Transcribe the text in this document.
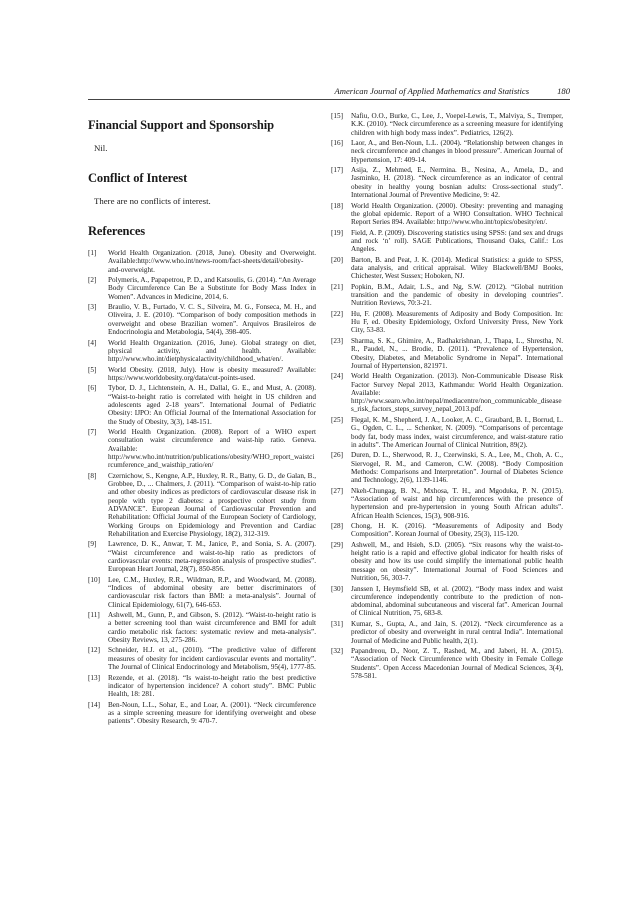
American Journal of Applied Mathematics and Statistics	180
Financial Support and Sponsorship

Nil.

Conflict of Interest

There are no conflicts of interest.

References
[1]	World Health Organization. (2018, June). Obesity and Overweight. Available:http://www.who.int/news-room/fact-sheets/detail/obesity-and-overweight.
[2]	Polymeris, A., Papapetrou, P. D., and Katsoulis, G. (2014). “An Average Body Circumference Can Be a Substitute for Body Mass Index in Women”. Advances in Medicine, 2014, 6.
[3]	Braulio, V. B., Furtado, V. C. S., Silveira, M. G., Fonseca, M. H., and Oliveira, J. E. (2010). “Comparison of body composition methods in overweight and obese Brazilian women”. Arquivos Brasileiros de Endocrinologia and Metabologia, 54(4), 398-405.
[4]	World Health Organization. (2016, June). Global strategy on diet, physical activity, and health. Available: http://www.who.int/dietphysicalactivity/childhood_what/en/.
[5]	World Obesity. (2018, July). How is obesity measured? Available: https://www.worldobesity.org/data/cut-points-used.
[6]	Tybor, D. J., Lichtenstein, A. H., Dallal, G. E., and Must, A. (2008). “Waist-to-height ratio is correlated with height in US children and adolescents aged 2-18 years”. International Journal of Pediatric Obesity: IJPO: An Official Journal of the International Association for the Study of Obesity, 3(3), 148-151.
[7]	World Health Organization. (2008). Report of a WHO expert consultation waist circumference and waist-hip ratio. Geneva. Available: http://www.who.int/nutrition/publications/obesity/WHO_report_waistcircumference_and_waisthip_ratio/en/
[8]	Czernichow, S., Kengne, A.P., Huxley, R. R., Batty, G. D., de Galan, B., Grobbee, D., ... Chalmers, J. (2011). “Comparison of waist-to-hip ratio and other obesity indices as predictors of cardiovascular disease risk in people with type 2 diabetes: a prospective cohort study from ADVANCE”. European Journal of Cardiovascular Prevention and Rehabilitation: Official Journal of the European Society of Cardiology, Working Groups on Epidemiology and Prevention and Cardiac Rehabilitation and Exercise Physiology, 18(2), 312-319.
[9]	Lawrence, D. K., Anwar, T. M., Janice, P., and Sonia, S. A. (2007). “Waist circumference and waist-to-hip ratio as predictors of cardiovascular events: meta-regression analysis of prospective studies”. European Heart Journal, 28(7), 850-856.
[10]	Lee, C.M., Huxley, R.R., Wildman, R.P., and Woodward, M. (2008). “Indices of abdominal obesity are better discriminators of cardiovascular risk factors than BMI: a meta-analysis”. Journal of Clinical Epidemiology, 61(7), 646-653.
[11]	Ashwell, M., Gunn, P., and Gibson, S. (2012). “Waist-to-height ratio is a better screening tool than waist circumference and BMI for adult cardio metabolic risk factors: systematic review and meta-analysis”. Obesity Reviews, 13, 275-286.
[12]	Schneider, H.J. et al., (2010). “The predictive value of different measures of obesity for incident cardiovascular events and mortality”. The Journal of Clinical Endocrinology and Metabolism, 95(4), 1777-85.
[13]	Rezende, et al. (2018). “Is waist-to-height ratio the best predictive indicator of hypertension incidence? A cohort study”. BMC Public Health, 18: 281.
[14]	Ben-Noun, L.L., Sohar, E., and Loar, A. (2001). “Neck circumference as a simple screening measure for identifying overweight and obese patients”. Obesity Research, 9: 470-7.
[15]	Nafiu, O.O., Burke, C., Lee, J., Voepel-Lewis, T., Malviya, S., Tremper, K.K. (2010). “Neck circumference as a screening measure for identifying children with high body mass index”. Pediatrics, 126(2).
[16]	Laor, A., and Ben-Noun, L.L. (2004). “Relationship between changes in neck circumference and changes in blood pressure”. American Journal of Hypertension, 17: 409-14.
[17]	Asija, Z., Mehmed, E., Nermina. B., Nesina, A., Amela, D., and Jasminko, H. (2018). “Neck circumference as an indicator of central obesity in healthy young bosnian adults: Cross-sectional study”. International Journal of Preventive Medicine, 9: 42.
[18]	World Health Organization. (2000). Obesity: preventing and managing the global epidemic. Report of a WHO Consultation. WHO Technical Report Series 894. Available: http://www.who.int/topics/obesity/en/.
[19]	Field, A. P. (2009). Discovering statistics using SPSS: (and sex and drugs and rock ‘n’ roll). SAGE Publications, Thousand Oaks, Calif.: Los Angeles.
[20]	Barton, B. and Peat, J. K. (2014). Medical Statistics: a guide to SPSS, data analysis, and critical appraisal. Wiley Blackwell/BMJ Books, Chichester, West Sussex; Hoboken, NJ.
[21]	Popkin, B.M., Adair, L.S., and Ng, S.W. (2012). “Global nutrition transition and the pandemic of obesity in developing countries”. Nutrition Reviews, 70:3-21.
[22]	Hu, F. (2008). Measurements of Adiposity and Body Composition. In: Hu F, ed. Obesity Epidemiology, Oxford University Press, New York City, 53-83.
[23]	Sharma, S. K., Ghimire, A., Radhakrishnan, J., Thapa, L., Shrestha, N. R., Paudel, N., ... Brodie, D. (2011). “Prevalence of Hypertension, Obesity, Diabetes, and Metabolic Syndrome in Nepal”. International Journal of Hypertension, 821971.
[24]	World Health Organization. (2013). Non-Communicable Disease Risk Factor Survey Nepal 2013, Kathmandu: World Health Organization. Available: http://www.searo.who.int/nepal/mediacentre/non_communicable_diseases_risk_factors_steps_survey_nepal_2013.pdf.
[25]	Flegal, K. M., Shepherd, J. A., Looker, A. C., Graubard, B. I., Borrud, L. G., Ogden, C. L., ... Schenker, N. (2009). “Comparisons of percentage body fat, body mass index, waist circumference, and waist-stature ratio in adults”. The American Journal of Clinical Nutrition, 89(2).
[26]	Duren, D. L., Sherwood, R. J., Czerwinski, S. A., Lee, M., Choh, A. C., Siervogel, R. M., and Cameron, C.W. (2008). “Body Composition Methods: Comparisons and Interpretation”. Journal of Diabetes Science and Technology, 2(6), 1139-1146.
[27]	Nkeh-Chungag, B. N., Mxhosa, T. H., and Mgoduka, P. N. (2015). “Association of waist and hip circumferences with the presence of hypertension and pre-hypertension in young South African adults”. African Health Sciences, 15(3), 908-916.
[28]	Chong, H. K. (2016). “Measurements of Adiposity and Body Composition”. Korean Journal of Obesity, 25(3), 115-120.
[29]	Ashwell, M., and Hsieh, S.D. (2005). “Six reasons why the waist-to-height ratio is a rapid and effective global indicator for health risks of obesity and how its use could simplify the international public health message on obesity”. International Journal of Food Sciences and Nutrition, 56, 303-7.
[30]	Janssen I, Heymsfield SB, et al. (2002). “Body mass index and waist circumference independently contribute to the prediction of non-abdominal, abdominal subcutaneous and visceral fat”. American Journal of Clinical Nutrition, 75, 683-8.
[31]	Kumar, S., Gupta, A., and Jain, S. (2012). “Neck circumference as a predictor of obesity and overweight in rural central India”. International Journal of Medicine and Public health, 2(1).
[32]	Papandreou, D., Noor, Z. T., Rashed, M., and Jaberi, H. A. (2015). “Association of Neck Circumference with Obesity in Female College Students”. Open Access Macedonian Journal of Medical Sciences, 3(4), 578-581.
